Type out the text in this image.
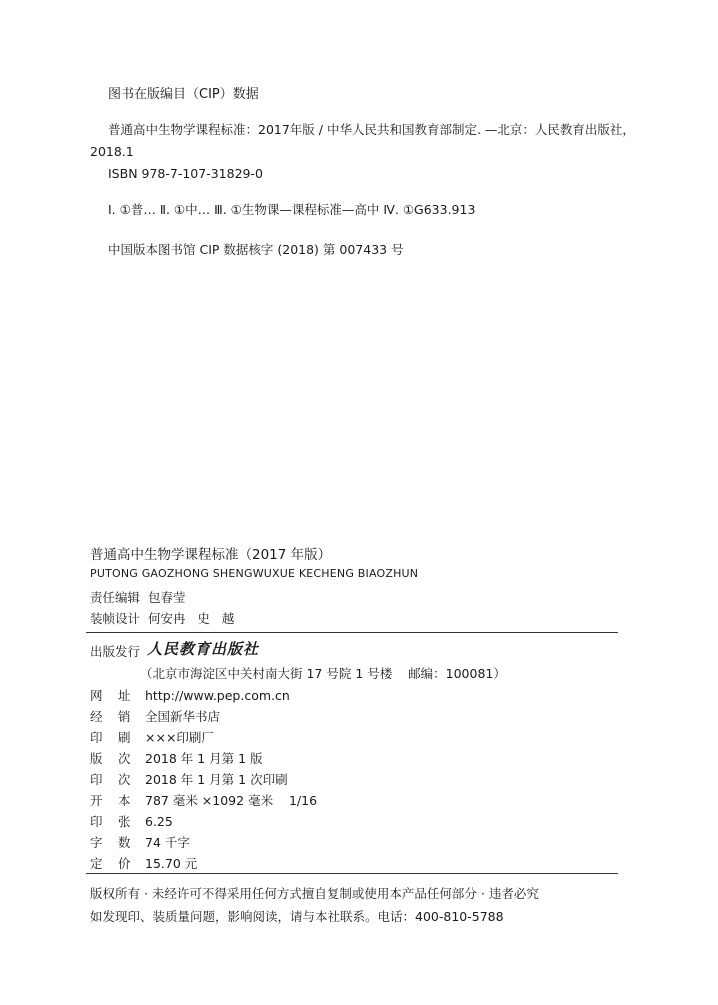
图书在版编目（CIP）数据
普通高中生物学课程标准：2017年版 / 中华人民共和国教育部制定. —北京：人民教育出版社，
2018.1
ISBN 978-7-107-31829-0
Ⅰ. ①普… Ⅱ. ①中… Ⅲ. ①生物课—课程标准—高中 Ⅳ. ①G633.913
中国版本图书馆 CIP 数据核字 (2018) 第 007433 号
普通高中生物学课程标准（2017 年版）
PUTONG GAOZHONG SHENGWUXUE KECHENG BIAOZHUN
责任编辑 包春莹
装帧设计 何安冉   史   越
出版发行 人民教育出版社
（北京市海淀区中关村南大街 17 号院 1 号楼    邮编：100081）
网 址 http://www.pep.com.cn
经 销 全国新华书店
印 刷 ×××印刷厂
版 次 2018 年 1 月第 1 版
印 次 2018 年 1 月第 1 次印刷
开 本 787 毫米 ×1092 毫米    1/16
印 张 6.25
字 数 74 千字
定 价 15.70 元
版权所有 · 未经许可不得采用任何方式擅自复制或使用本产品任何部分 · 违者必究
如发现印、装质量问题，影响阅读，请与本社联系。电话：400-810-5788
